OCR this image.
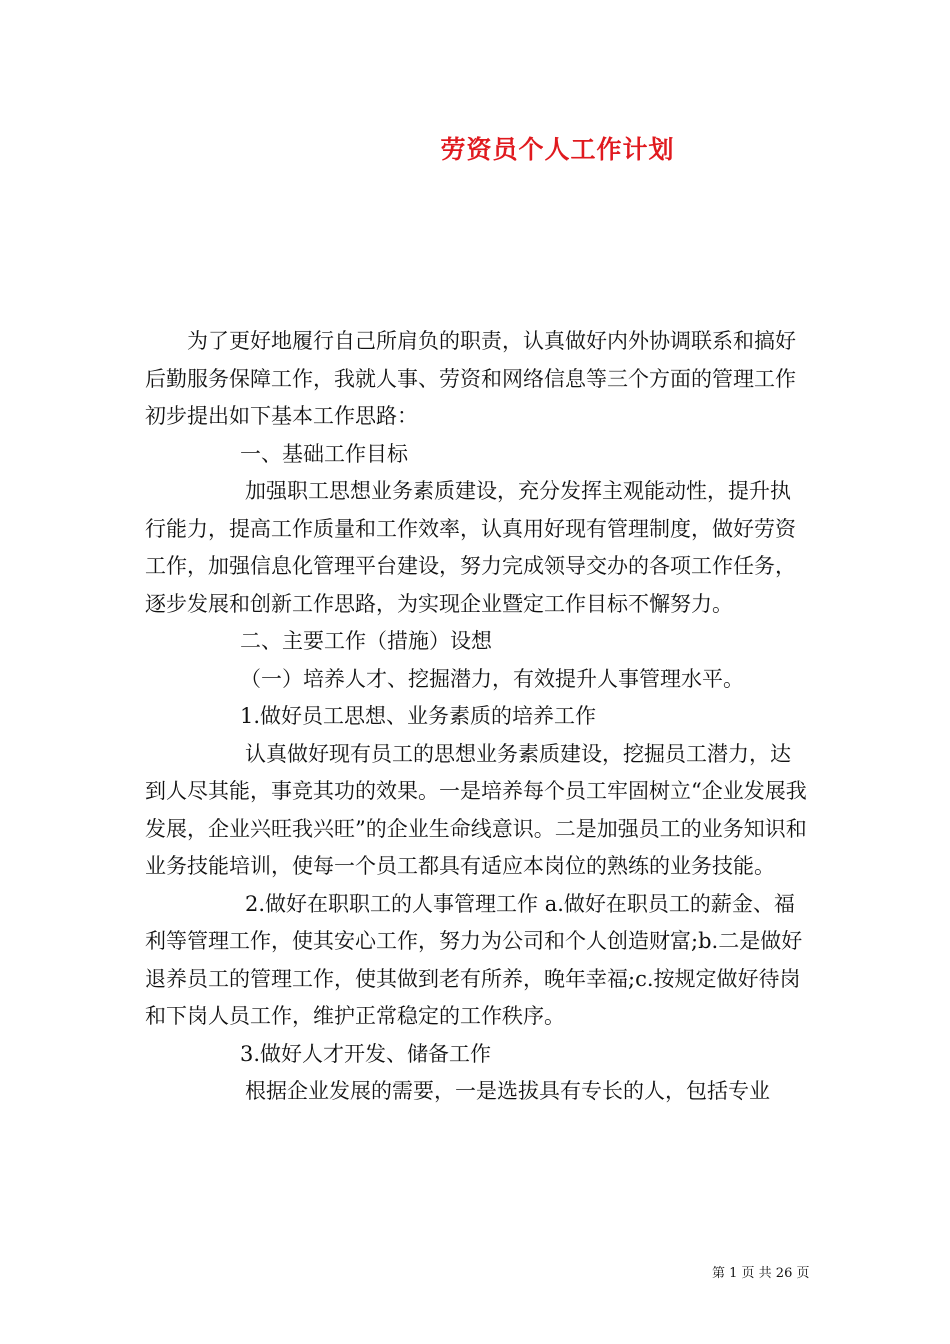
劳资员个人工作计划

为了更好地履行自己所肩负的职责，认真做好内外协调联系和搞好后勤服务保障工作，我就人事、劳资和网络信息等三个方面的管理工作初步提出如下基本工作思路：

一、基础工作目标

加强职工思想业务素质建设，充分发挥主观能动性，提升执行能力，提高工作质量和工作效率，认真用好现有管理制度，做好劳资工作，加强信息化管理平台建设，努力完成领导交办的各项工作任务，逐步发展和创新工作思路，为实现企业暨定工作目标不懈努力。

二、主要工作（措施）设想

（一）培养人才、挖掘潜力，有效提升人事管理水平。

1.做好员工思想、业务素质的培养工作

认真做好现有员工的思想业务素质建设，挖掘员工潜力，达到人尽其能，事竞其功的效果。一是培养每个员工牢固树立“企业发展我发展，企业兴旺我兴旺”的企业生命线意识。二是加强员工的业务知识和业务技能培训，使每一个员工都具有适应本岗位的熟练的业务技能。

2.做好在职职工的人事管理工作 a.做好在职员工的薪金、福利等管理工作，使其安心工作，努力为公司和个人创造财富;b.二是做好退养员工的管理工作，使其做到老有所养，晚年幸福;c.按规定做好待岗和下岗人员工作，维护正常稳定的工作秩序。

3.做好人才开发、储备工作

根据企业发展的需要，一是选拔具有专长的人，包括专业

第 1 页 共 26 页
